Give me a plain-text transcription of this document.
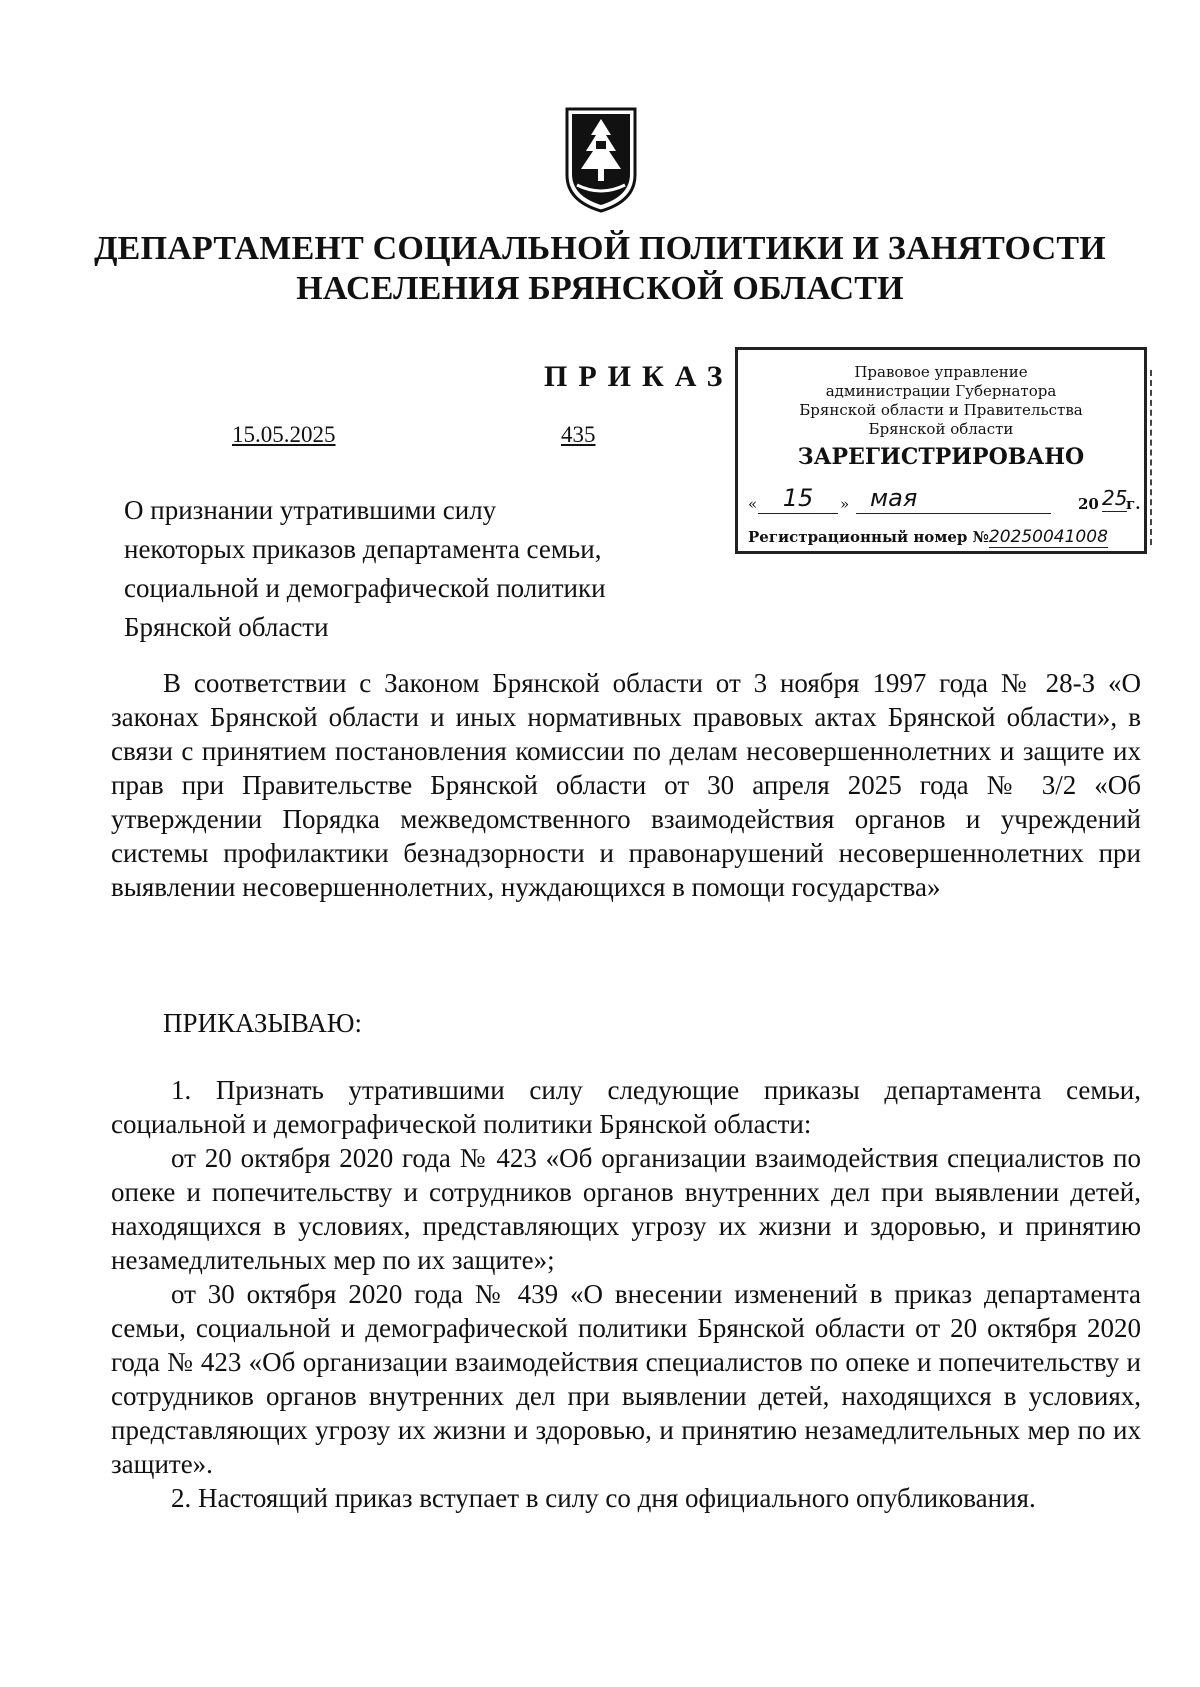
ДЕПАРТАМЕНТ СОЦИАЛЬНОЙ ПОЛИТИКИ И ЗАНЯТОСТИ
НАСЕЛЕНИЯ БРЯНСКОЙ ОБЛАСТИ
ПРИКАЗ
15.05.2025	435
О признании утратившими силу
некоторых приказов департамента семьи,
социальной и демографической политики
Брянской области
Правовое управление
администрации Губернатора
Брянской области и Правительства
Брянской области
ЗАРЕГИСТРИРОВАНО
«	15	» мая	20 25
г.
Регистрационный номер №20250041008

В соответствии с Законом Брянской области от 3 ноября 1997 года № 28-З «О законах Брянской области и иных нормативных правовых актах Брянской области», в связи с принятием постановления комиссии по делам несовершеннолетних и защите их прав при Правительстве Брянской области от 30 апреля 2025 года № 3/2 «Об утверждении Порядка межведомственного взаимодействия органов и учреждений системы профилактики безнадзорности и правонарушений несовершеннолетних при выявлении несовершеннолетних, нуждающихся в помощи государства»

ПРИКАЗЫВАЮ:

1. Признать утратившими силу следующие приказы департамента семьи, социальной и демографической политики Брянской области:

от 20 октября 2020 года № 423 «Об организации взаимодействия специалистов по опеке и попечительству и сотрудников органов внутренних дел при выявлении детей, находящихся в условиях, представляющих угрозу их жизни и здоровью, и принятию незамедлительных мер по их защите»;

от 30 октября 2020 года № 439 «О внесении изменений в приказ департамента семьи, социальной и демографической политики Брянской области от 20 октября 2020 года № 423 «Об организации взаимодействия специалистов по опеке и попечительству и сотрудников органов внутренних дел при выявлении детей, находящихся в условиях, представляющих угрозу их жизни и здоровью, и принятию незамедлительных мер по их защите».

2. Настоящий приказ вступает в силу со дня официального опубликования.
